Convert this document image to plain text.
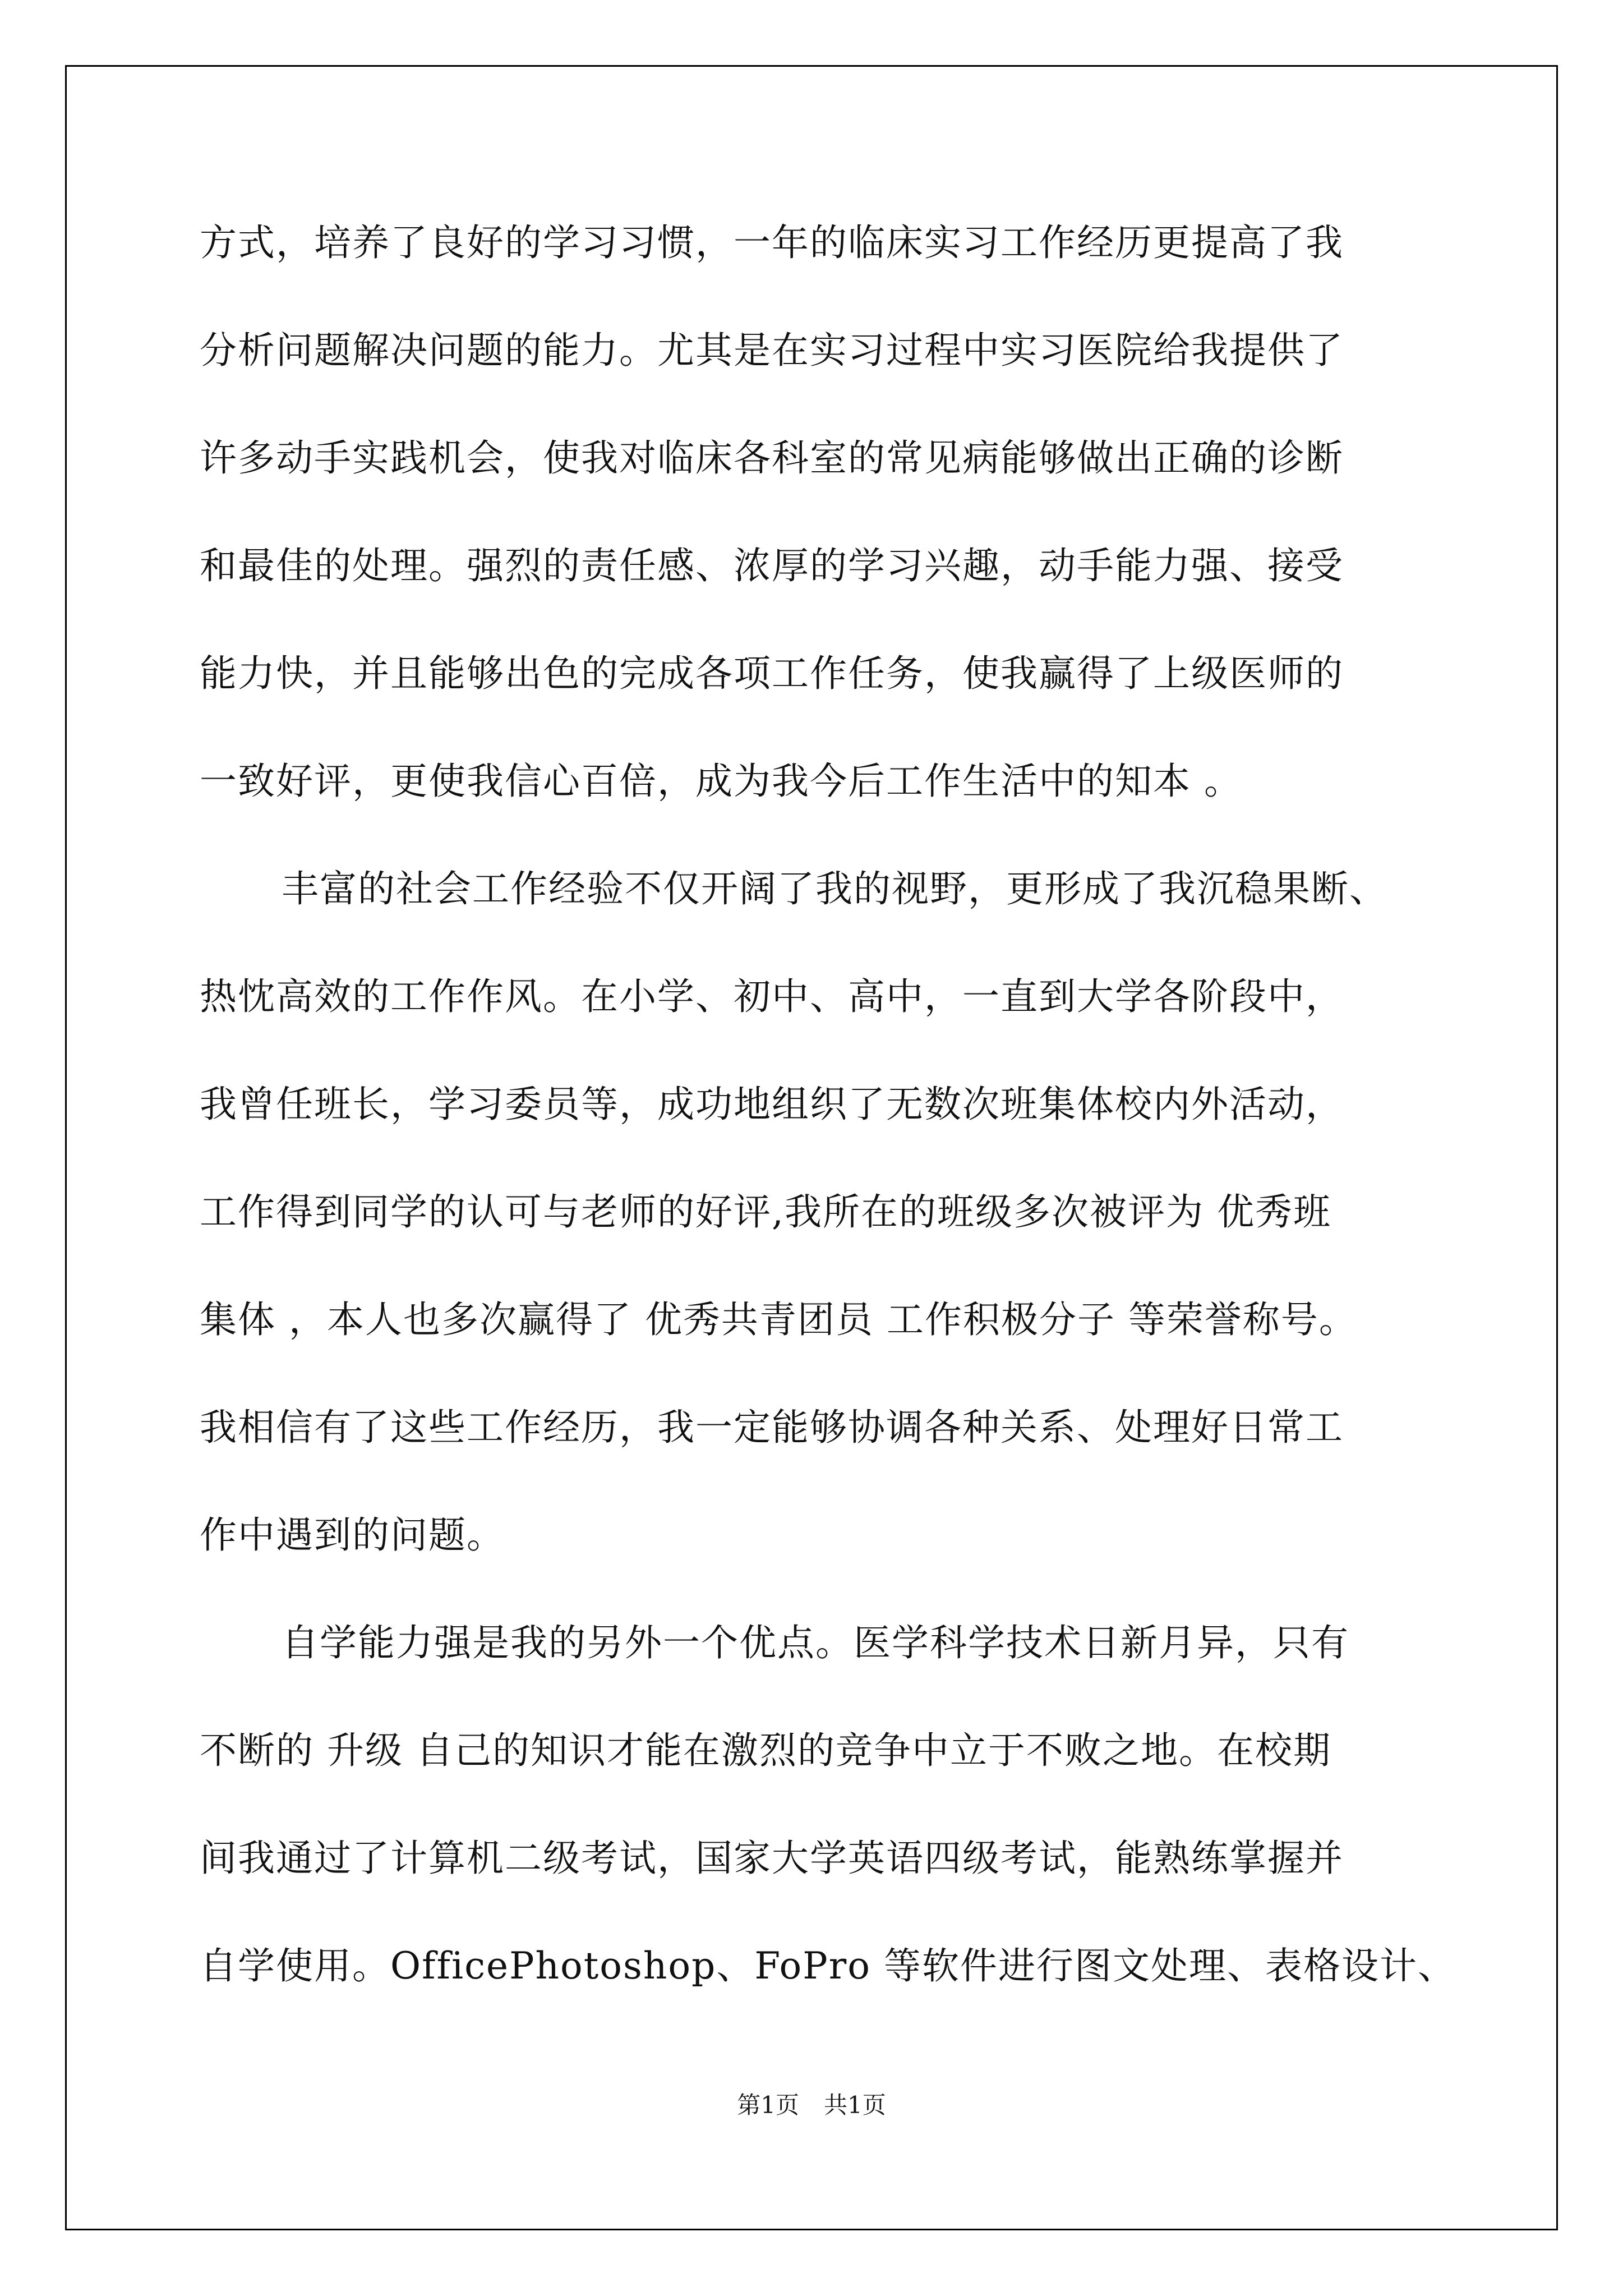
方式，培养了良好的学习习惯，一年的临床实习工作经历更提高了我
分析问题解决问题的能力。尤其是在实习过程中实习医院给我提供了
许多动手实践机会，使我对临床各科室的常见病能够做出正确的诊断
和最佳的处理。强烈的责任感、浓厚的学习兴趣，动手能力强、接受
能力快，并且能够出色的完成各项工作任务，使我赢得了上级医师的
一致好评，更使我信心百倍，成为我今后工作生活中的知本 。
丰富的社会工作经验不仅开阔了我的视野，更形成了我沉稳果断、
热忱高效的工作作风。在小学、初中、高中，一直到大学各阶段中，
我曾任班长，学习委员等，成功地组织了无数次班集体校内外活动，
工作得到同学的认可与老师的好评,我所在的班级多次被评为 优秀班
集体 ，本人也多次赢得了 优秀共青团员 工作积极分子 等荣誉称号。
我相信有了这些工作经历，我一定能够协调各种关系、处理好日常工
作中遇到的问题。
自学能力强是我的另外一个优点。医学科学技术日新月异，只有
不断的 升级 自己的知识才能在激烈的竞争中立于不败之地。在校期
间我通过了计算机二级考试，国家大学英语四级考试，能熟练掌握并
自学使用。OfficePhotoshop、FoPro 等软件进行图文处理、表格设计、
第1页 共1页
